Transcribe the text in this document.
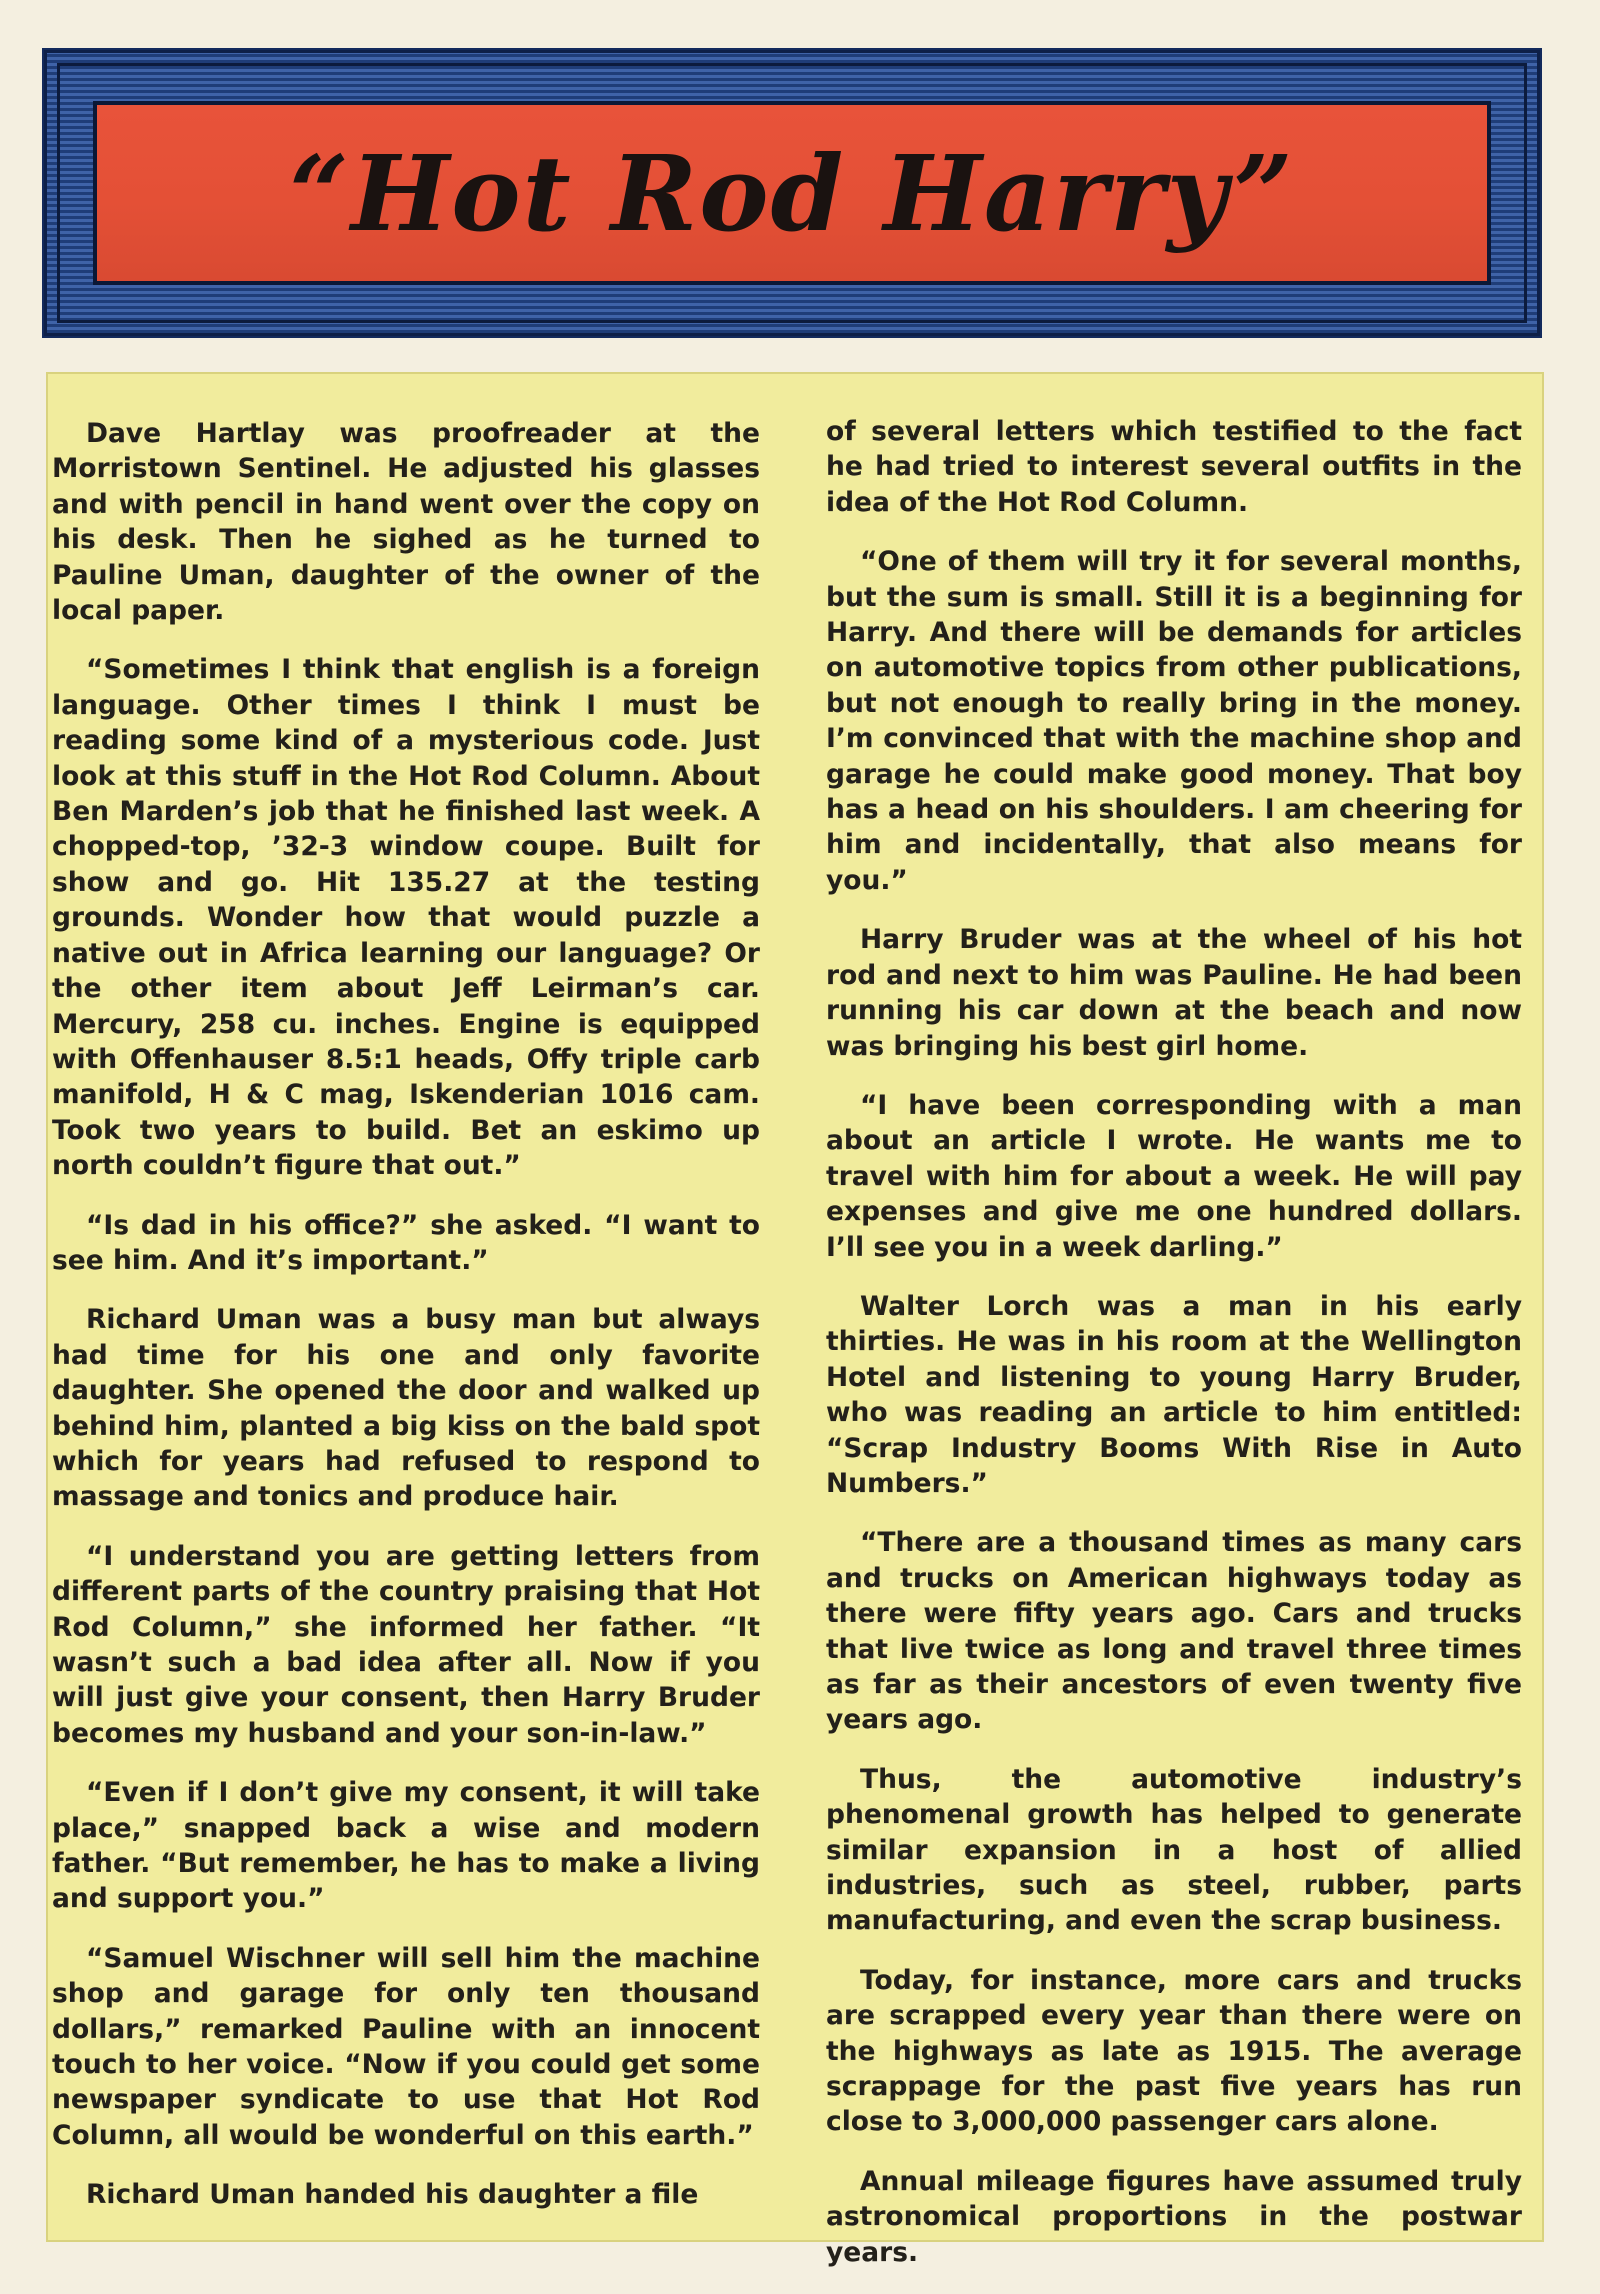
“Hot Rod Harry”

Dave Hartlay was proofreader at the Morristown Sentinel. He adjusted his glasses and with pencil in hand went over the copy on his desk. Then he sighed as he turned to Pauline Uman, daughter of the owner of the local paper.

“Sometimes I think that english is a foreign language. Other times I think I must be reading some kind of a mysterious code. Just look at this stuff in the Hot Rod Column. About Ben Marden’s job that he finished last week. A chopped-top, ’32-3 window coupe. Built for show and go. Hit 135.27 at the testing grounds. Wonder how that would puzzle a native out in Africa learning our language? Or the other item about Jeff Leirman’s car. Mercury, 258 cu. inches. Engine is equipped with Offenhauser 8.5:1 heads, Offy triple carb manifold, H & C mag, Iskenderian 1016 cam. Took two years to build. Bet an eskimo up north couldn’t figure that out.”

“Is dad in his office?” she asked. “I want to see him. And it’s important.”

Richard Uman was a busy man but always had time for his one and only favorite daughter. She opened the door and walked up behind him, planted a big kiss on the bald spot which for years had refused to respond to massage and tonics and produce hair.

“I understand you are getting letters from different parts of the country praising that Hot Rod Column,” she informed her father. “It wasn’t such a bad idea after all. Now if you will just give your consent, then Harry Bruder becomes my husband and your son-in-law.”

“Even if I don’t give my consent, it will take place,” snapped back a wise and modern father. “But remember, he has to make a living and support you.”

“Samuel Wischner will sell him the machine shop and garage for only ten thousand dollars,” remarked Pauline with an innocent touch to her voice. “Now if you could get some newspaper syndicate to use that Hot Rod Column, all would be wonderful on this earth.”

Richard Uman handed his daughter a file

of several letters which testified to the fact he had tried to interest several outfits in the idea of the Hot Rod Column.

“One of them will try it for several months, but the sum is small. Still it is a beginning for Harry. And there will be demands for articles on automotive topics from other publications, but not enough to really bring in the money. I’m convinced that with the machine shop and garage he could make good money. That boy has a head on his shoulders. I am cheering for him and incidentally, that also means for you.”

Harry Bruder was at the wheel of his hot rod and next to him was Pauline. He had been running his car down at the beach and now was bringing his best girl home.

“I have been corresponding with a man about an article I wrote. He wants me to travel with him for about a week. He will pay expenses and give me one hundred dollars. I’ll see you in a week darling.”

Walter Lorch was a man in his early thirties. He was in his room at the Wellington Hotel and listening to young Harry Bruder, who was reading an article to him entitled: “Scrap Industry Booms With Rise in Auto Numbers.”

“There are a thousand times as many cars and trucks on American highways today as there were fifty years ago. Cars and trucks that live twice as long and travel three times as far as their ancestors of even twenty five years ago.

Thus, the automotive industry’s phenomenal growth has helped to generate similar expansion in a host of allied industries, such as steel, rubber, parts manufacturing, and even the scrap business.

Today, for instance, more cars and trucks are scrapped every year than there were on the highways as late as 1915. The average scrappage for the past five years has run close to 3,000,000 passenger cars alone.

Annual mileage figures have assumed truly astronomical proportions in the postwar years.
